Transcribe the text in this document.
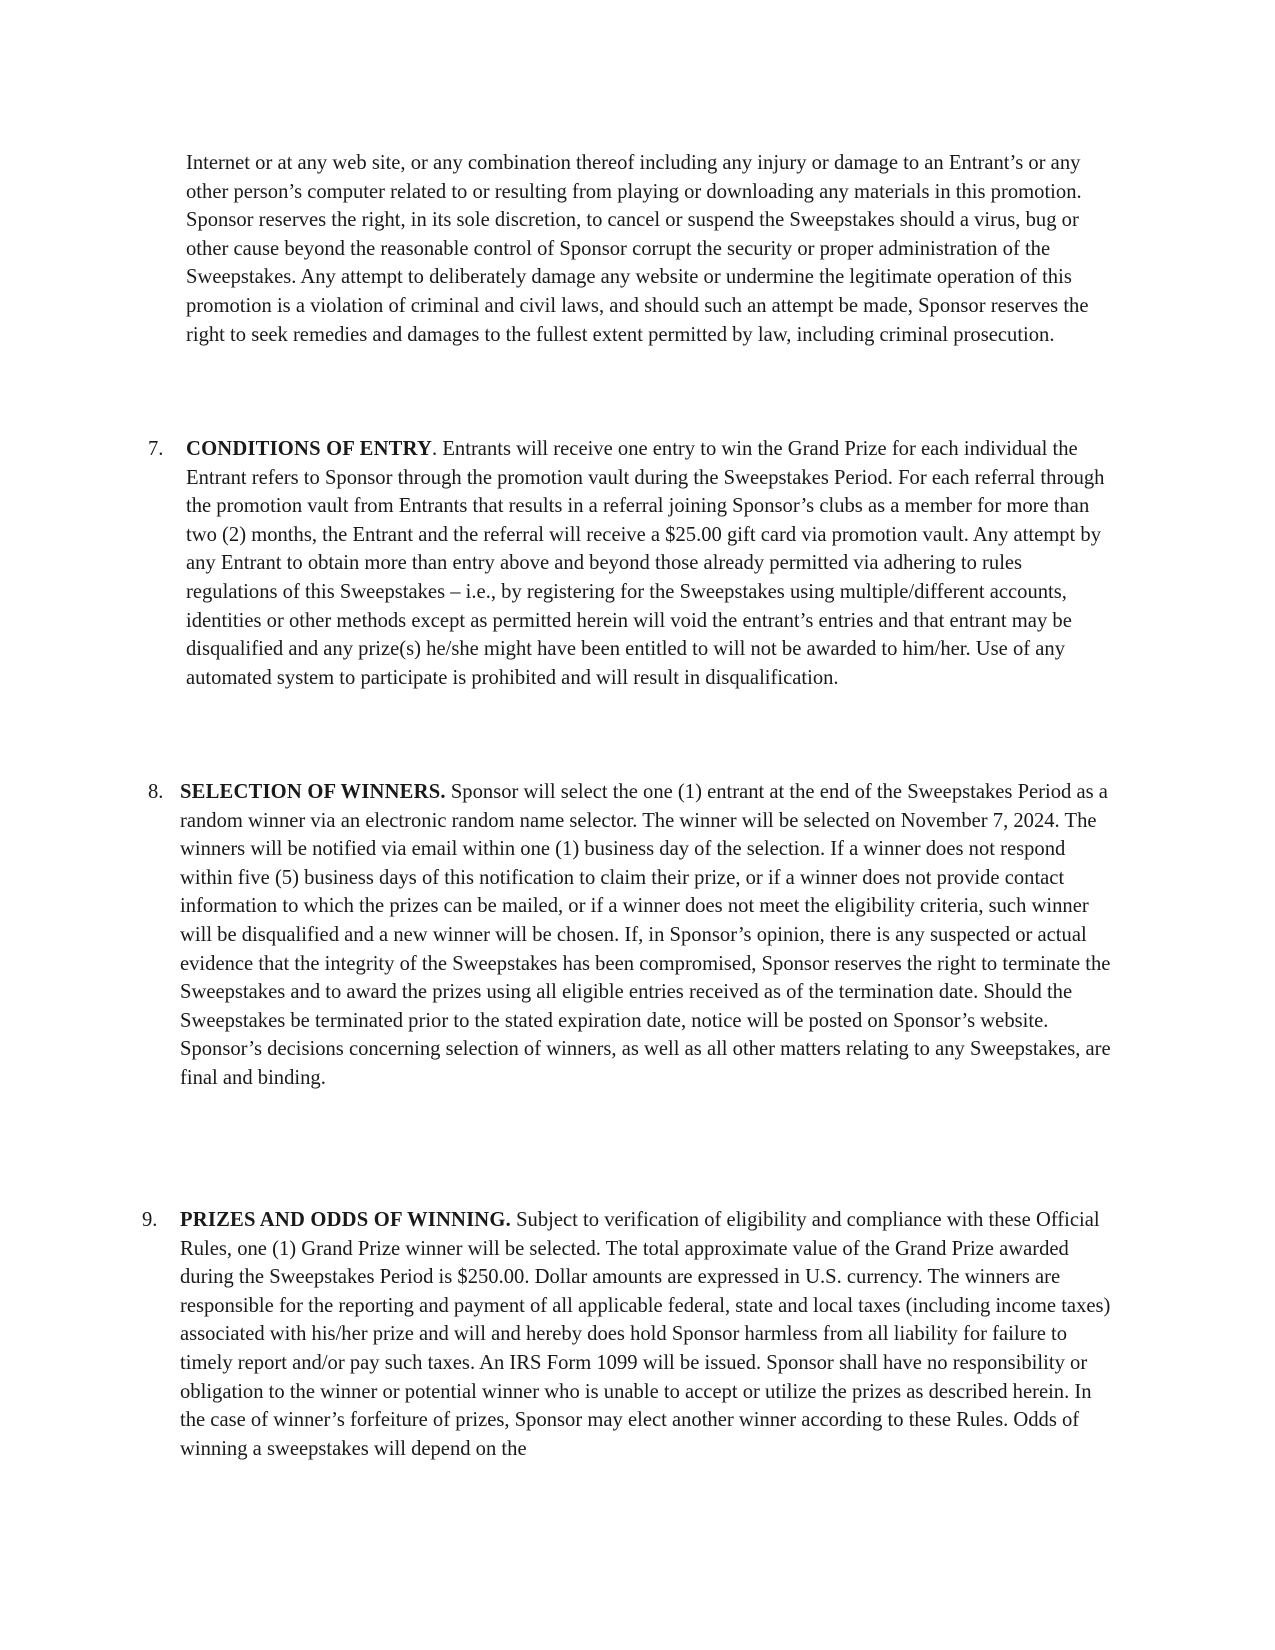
Internet or at any web site, or any combination thereof including any injury or damage to an Entrant’s or any other person’s computer related to or resulting from playing or downloading any materials in this promotion. Sponsor reserves the right, in its sole discretion, to cancel or suspend the Sweepstakes should a virus, bug or other cause beyond the reasonable control of Sponsor corrupt the security or proper administration of the Sweepstakes. Any attempt to deliberately damage any website or undermine the legitimate operation of this promotion is a violation of criminal and civil laws, and should such an attempt be made, Sponsor reserves the right to seek remedies and damages to the fullest extent permitted by law, including criminal prosecution.
7. CONDITIONS OF ENTRY. Entrants will receive one entry to win the Grand Prize for each individual the Entrant refers to Sponsor through the promotion vault during the Sweepstakes Period. For each referral through the promotion vault from Entrants that results in a referral joining Sponsor’s clubs as a member for more than two (2) months, the Entrant and the referral will receive a $25.00 gift card via promotion vault. Any attempt by any Entrant to obtain more than entry above and beyond those already permitted via adhering to rules regulations of this Sweepstakes – i.e., by registering for the Sweepstakes using multiple/different accounts, identities or other methods except as permitted herein will void the entrant’s entries and that entrant may be disqualified and any prize(s) he/she might have been entitled to will not be awarded to him/her. Use of any automated system to participate is prohibited and will result in disqualification.
8. SELECTION OF WINNERS. Sponsor will select the one (1) entrant at the end of the Sweepstakes Period as a random winner via an electronic random name selector. The winner will be selected on November 7, 2024. The winners will be notified via email within one (1) business day of the selection. If a winner does not respond within five (5) business days of this notification to claim their prize, or if a winner does not provide contact information to which the prizes can be mailed, or if a winner does not meet the eligibility criteria, such winner will be disqualified and a new winner will be chosen. If, in Sponsor’s opinion, there is any suspected or actual evidence that the integrity of the Sweepstakes has been compromised, Sponsor reserves the right to terminate the Sweepstakes and to award the prizes using all eligible entries received as of the termination date. Should the Sweepstakes be terminated prior to the stated expiration date, notice will be posted on Sponsor’s website. Sponsor’s decisions concerning selection of winners, as well as all other matters relating to any Sweepstakes, are final and binding.
9. PRIZES AND ODDS OF WINNING. Subject to verification of eligibility and compliance with these Official Rules, one (1) Grand Prize winner will be selected. The total approximate value of the Grand Prize awarded during the Sweepstakes Period is $250.00. Dollar amounts are expressed in U.S. currency. The winners are responsible for the reporting and payment of all applicable federal, state and local taxes (including income taxes) associated with his/her prize and will and hereby does hold Sponsor harmless from all liability for failure to timely report and/or pay such taxes. An IRS Form 1099 will be issued. Sponsor shall have no responsibility or obligation to the winner or potential winner who is unable to accept or utilize the prizes as described herein. In the case of winner’s forfeiture of prizes, Sponsor may elect another winner according to these Rules. Odds of winning a sweepstakes will depend on the
